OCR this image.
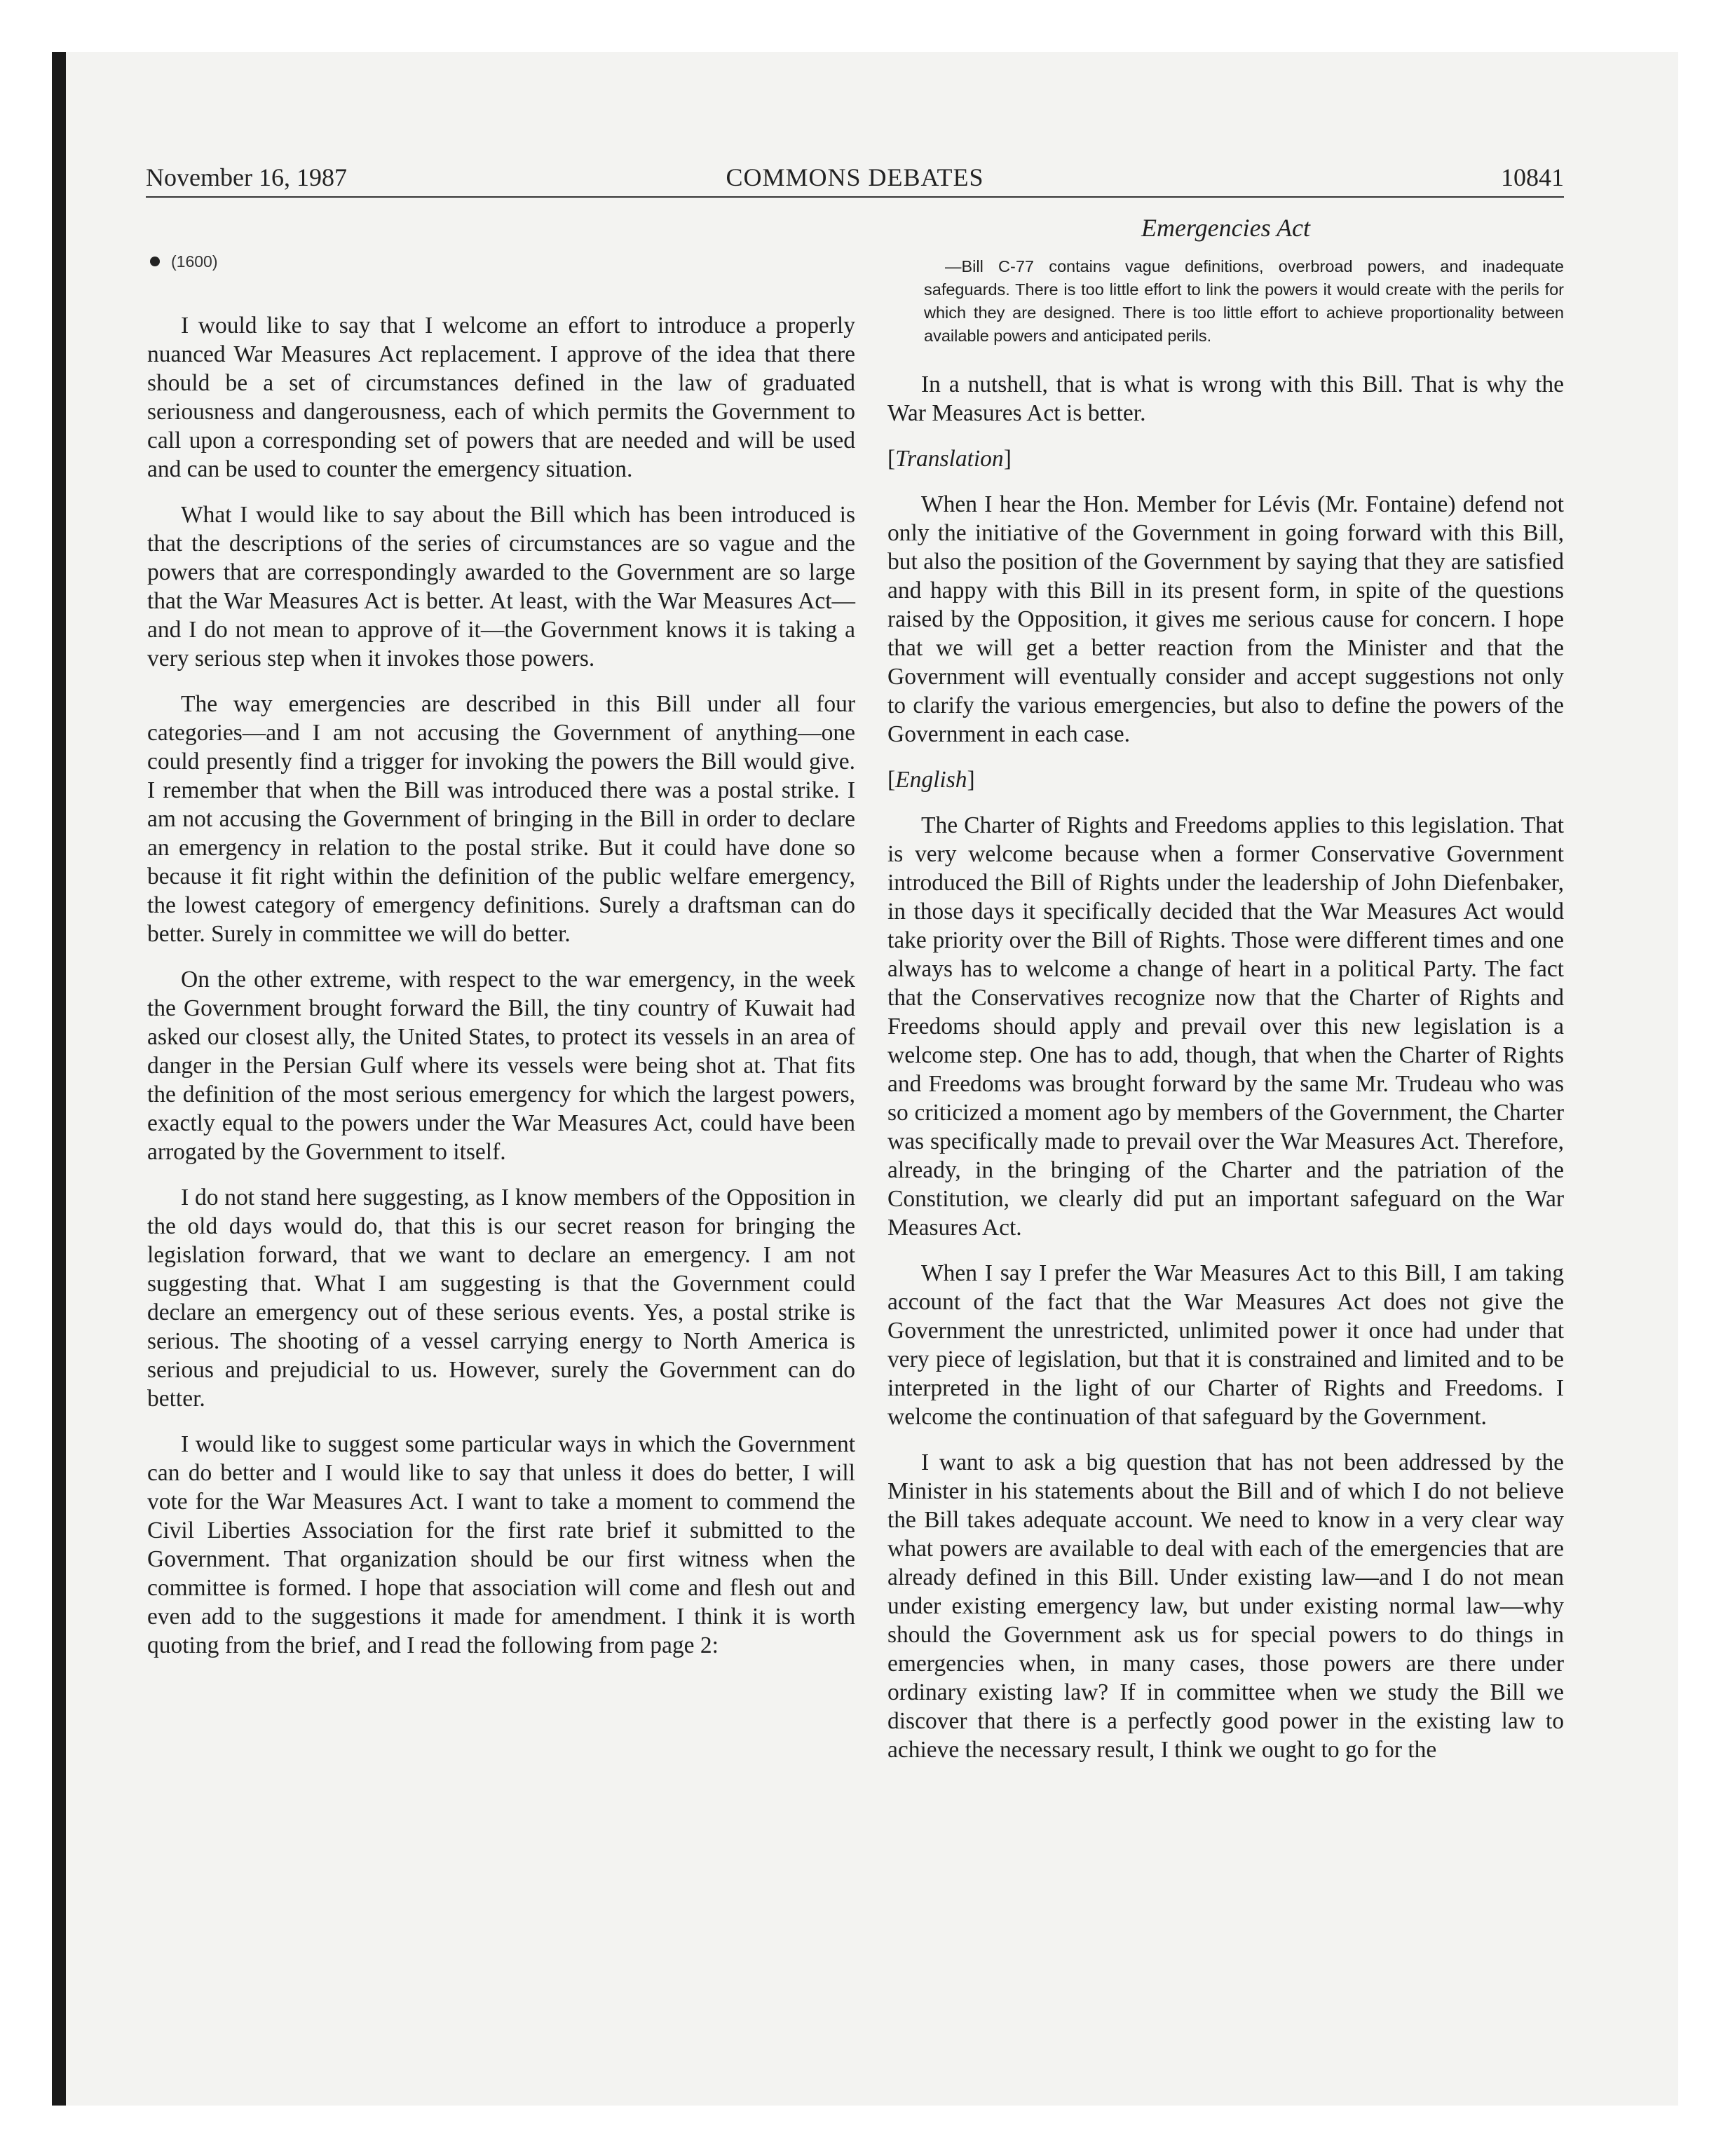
November 16, 1987	COMMONS DEBATES	10841
(1600)

I would like to say that I welcome an effort to introduce a properly nuanced War Measures Act replacement. I approve of the idea that there should be a set of circumstances defined in the law of graduated seriousness and dangerousness, each of which permits the Government to call upon a corresponding set of powers that are needed and will be used and can be used to counter the emergency situation.

What I would like to say about the Bill which has been introduced is that the descriptions of the series of circumstances are so vague and the powers that are correspondingly awarded to the Government are so large that the War Measures Act is better. At least, with the War Measures Act—and I do not mean to approve of it—the Government knows it is taking a very serious step when it invokes those powers.

The way emergencies are described in this Bill under all four categories—and I am not accusing the Government of anything—one could presently find a trigger for invoking the powers the Bill would give. I remember that when the Bill was introduced there was a postal strike. I am not accusing the Government of bringing in the Bill in order to declare an emergency in relation to the postal strike. But it could have done so because it fit right within the definition of the public welfare emergency, the lowest category of emergency definitions. Surely a draftsman can do better. Surely in committee we will do better.

On the other extreme, with respect to the war emergency, in the week the Government brought forward the Bill, the tiny country of Kuwait had asked our closest ally, the United States, to protect its vessels in an area of danger in the Persian Gulf where its vessels were being shot at. That fits the definition of the most serious emergency for which the largest powers, exactly equal to the powers under the War Measures Act, could have been arrogated by the Government to itself.

I do not stand here suggesting, as I know members of the Opposition in the old days would do, that this is our secret reason for bringing the legislation forward, that we want to declare an emergency. I am not suggesting that. What I am suggesting is that the Government could declare an emergency out of these serious events. Yes, a postal strike is serious. The shooting of a vessel carrying energy to North America is serious and prejudicial to us. However, surely the Government can do better.

I would like to suggest some particular ways in which the Government can do better and I would like to say that unless it does do better, I will vote for the War Measures Act. I want to take a moment to commend the Civil Liberties Association for the first rate brief it submitted to the Government. That organization should be our first witness when the committee is formed. I hope that association will come and flesh out and even add to the suggestions it made for amendment. I think it is worth quoting from the brief, and I read the following from page 2:

Emergencies Act
—Bill C-77 contains vague definitions, overbroad powers, and inadequate safeguards. There is too little effort to link the powers it would create with the perils for which they are designed. There is too little effort to achieve proportionality between available powers and anticipated perils.

In a nutshell, that is what is wrong with this Bill. That is why the War Measures Act is better.

[Translation]

When I hear the Hon. Member for Lévis (Mr. Fontaine) defend not only the initiative of the Government in going forward with this Bill, but also the position of the Government by saying that they are satisfied and happy with this Bill in its present form, in spite of the questions raised by the Opposition, it gives me serious cause for concern. I hope that we will get a better reaction from the Minister and that the Government will eventually consider and accept suggestions not only to clarify the various emergencies, but also to define the powers of the Government in each case.

[English]

The Charter of Rights and Freedoms applies to this legislation. That is very welcome because when a former Conservative Government introduced the Bill of Rights under the leadership of John Diefenbaker, in those days it specifically decided that the War Measures Act would take priority over the Bill of Rights. Those were different times and one always has to welcome a change of heart in a political Party. The fact that the Conservatives recognize now that the Charter of Rights and Freedoms should apply and prevail over this new legislation is a welcome step. One has to add, though, that when the Charter of Rights and Freedoms was brought forward by the same Mr. Trudeau who was so criticized a moment ago by members of the Government, the Charter was specifically made to prevail over the War Measures Act. Therefore, already, in the bringing of the Charter and the patriation of the Constitution, we clearly did put an important safeguard on the War Measures Act.

When I say I prefer the War Measures Act to this Bill, I am taking account of the fact that the War Measures Act does not give the Government the unrestricted, unlimited power it once had under that very piece of legislation, but that it is constrained and limited and to be interpreted in the light of our Charter of Rights and Freedoms. I welcome the continuation of that safeguard by the Government.

I want to ask a big question that has not been addressed by the Minister in his statements about the Bill and of which I do not believe the Bill takes adequate account. We need to know in a very clear way what powers are available to deal with each of the emergencies that are already defined in this Bill. Under existing law—and I do not mean under existing emergency law, but under existing normal law—why should the Government ask us for special powers to do things in emergencies when, in many cases, those powers are there under ordinary existing law? If in committee when we study the Bill we discover that there is a perfectly good power in the existing law to achieve the necessary result, I think we ought to go for the
